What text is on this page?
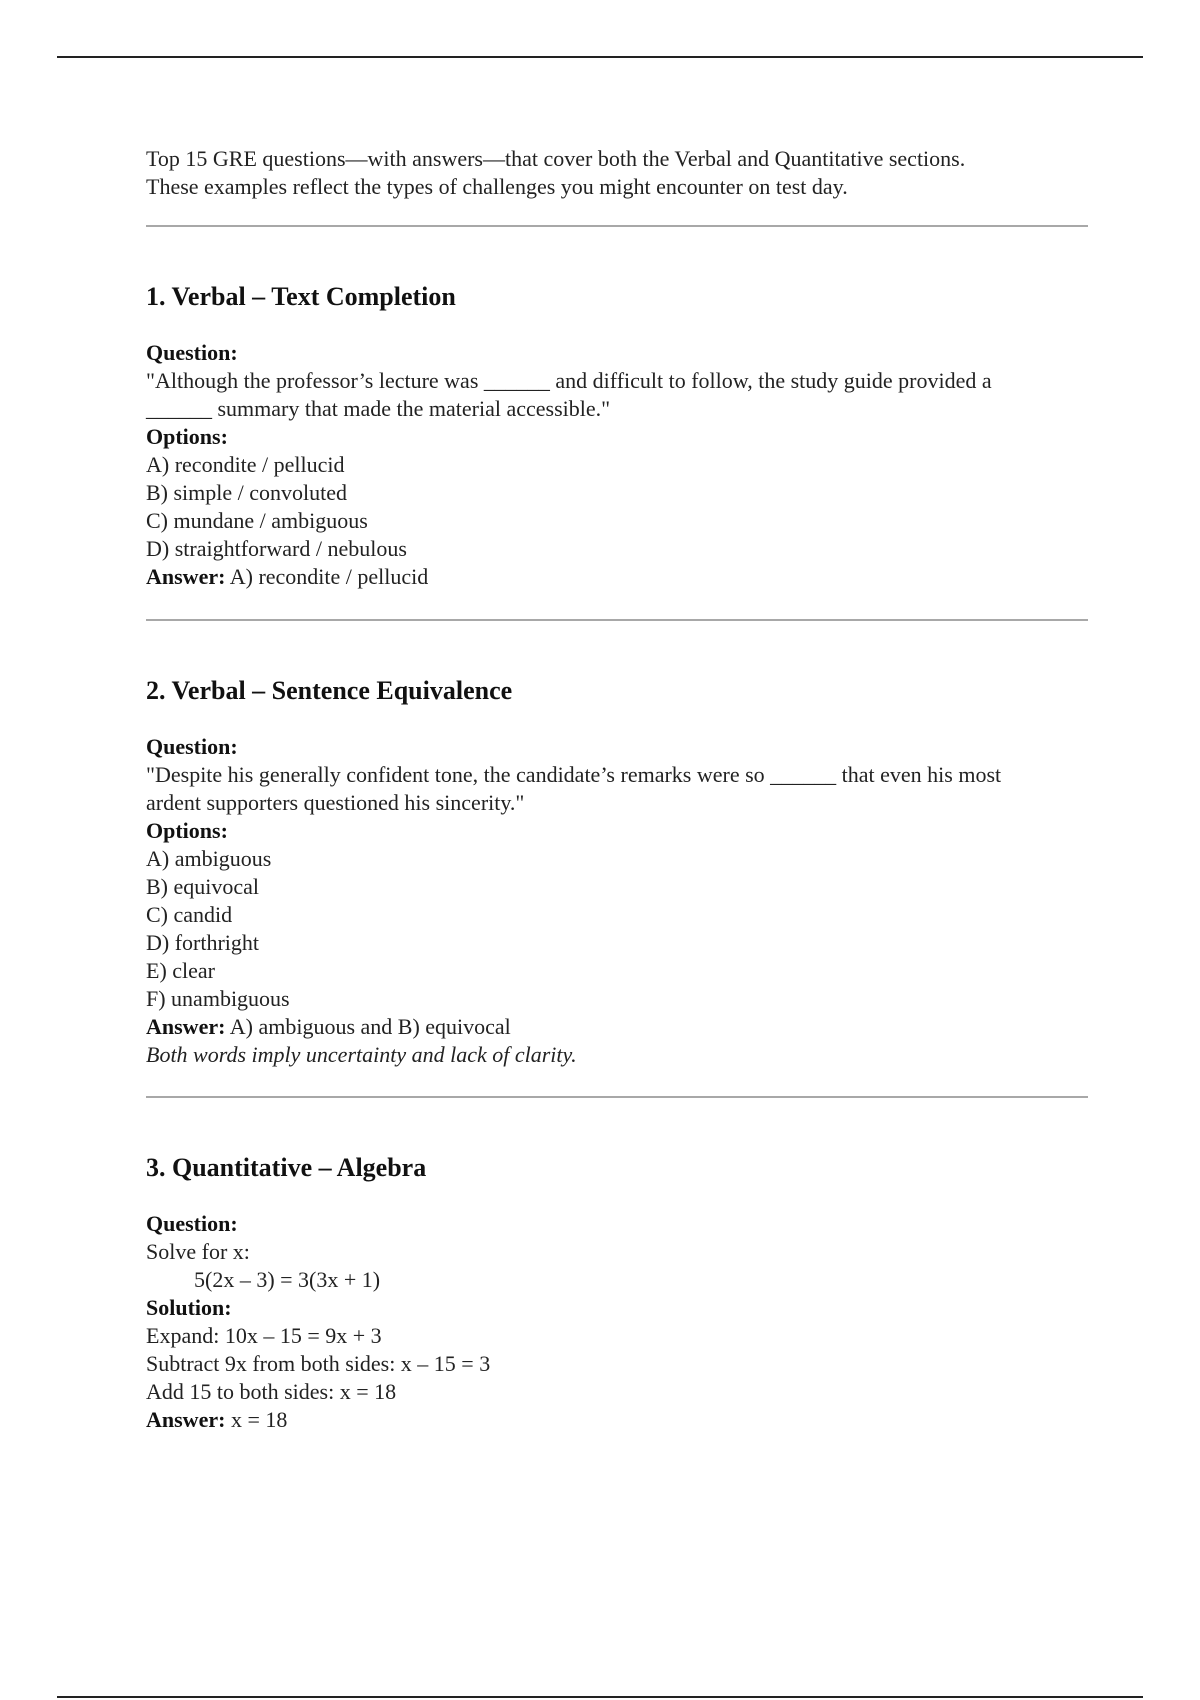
Top 15 GRE questions—with answers—that cover both the Verbal and Quantitative sections.

These examples reflect the types of challenges you might encounter on test day.

1. Verbal – Text Completion
Question:
"Although the professor’s lecture was ______ and difficult to follow, the study guide provided a
______ summary that made the material accessible."
Options:
A) recondite / pellucid
B) simple / convoluted
C) mundane / ambiguous
D) straightforward / nebulous
Answer: A) recondite / pellucid
2. Verbal – Sentence Equivalence
Question:
"Despite his generally confident tone, the candidate’s remarks were so ______ that even his most
ardent supporters questioned his sincerity."
Options:
A) ambiguous
B) equivocal
C) candid
D) forthright
E) clear
F) unambiguous
Answer: A) ambiguous and B) equivocal
Both words imply uncertainty and lack of clarity.
3. Quantitative – Algebra
Question:
Solve for x:
5(2x – 3) = 3(3x + 1)
Solution:
Expand: 10x – 15 = 9x + 3
Subtract 9x from both sides: x – 15 = 3
Add 15 to both sides: x = 18
Answer: x = 18
